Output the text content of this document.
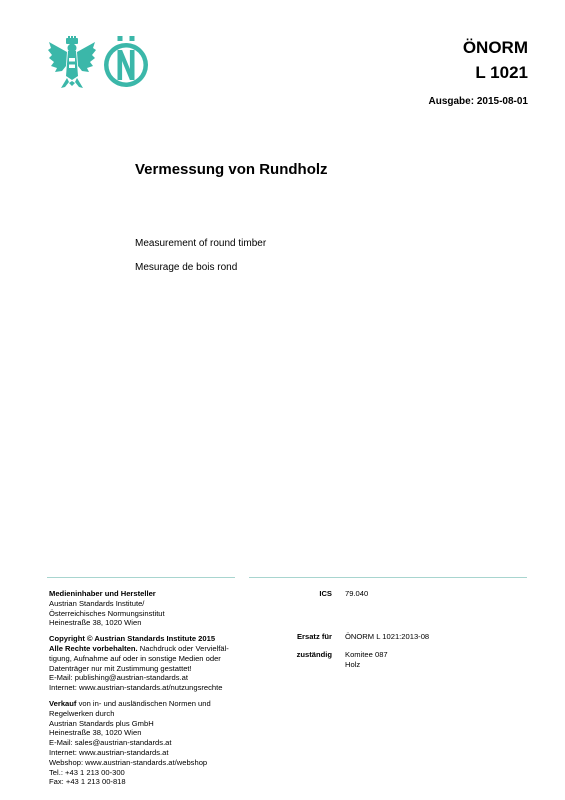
ÖNORM
L 1021
Ausgabe: 2015-08-01
Vermessung von Rundholz
Measurement of round timber
Mesurage de bois rond

Medieninhaber und Hersteller
Austrian Standards Institute/
Österreichisches Normungsinstitut
Heinestraße 38, 1020 Wien

Copyright © Austrian Standards Institute 2015
Alle Rechte vorbehalten. Nachdruck oder Vervielfäl-
tigung, Aufnahme auf oder in sonstige Medien oder
Datenträger nur mit Zustimmung gestattet!
E-Mail: publishing@austrian-standards.at
Internet: www.austrian-standards.at/nutzungsrechte

Verkauf von in- und ausländischen Normen und
Regelwerken durch
Austrian Standards plus GmbH
Heinestraße 38, 1020 Wien
E-Mail: sales@austrian-standards.at
Internet: www.austrian-standards.at
Webshop: www.austrian-standards.at/webshop
Tel.: +43 1 213 00-300
Fax: +43 1 213 00-818

ICS 79.040
Ersatz für ÖNORM L 1021:2013-08
zuständig Komitee 087
Holz
